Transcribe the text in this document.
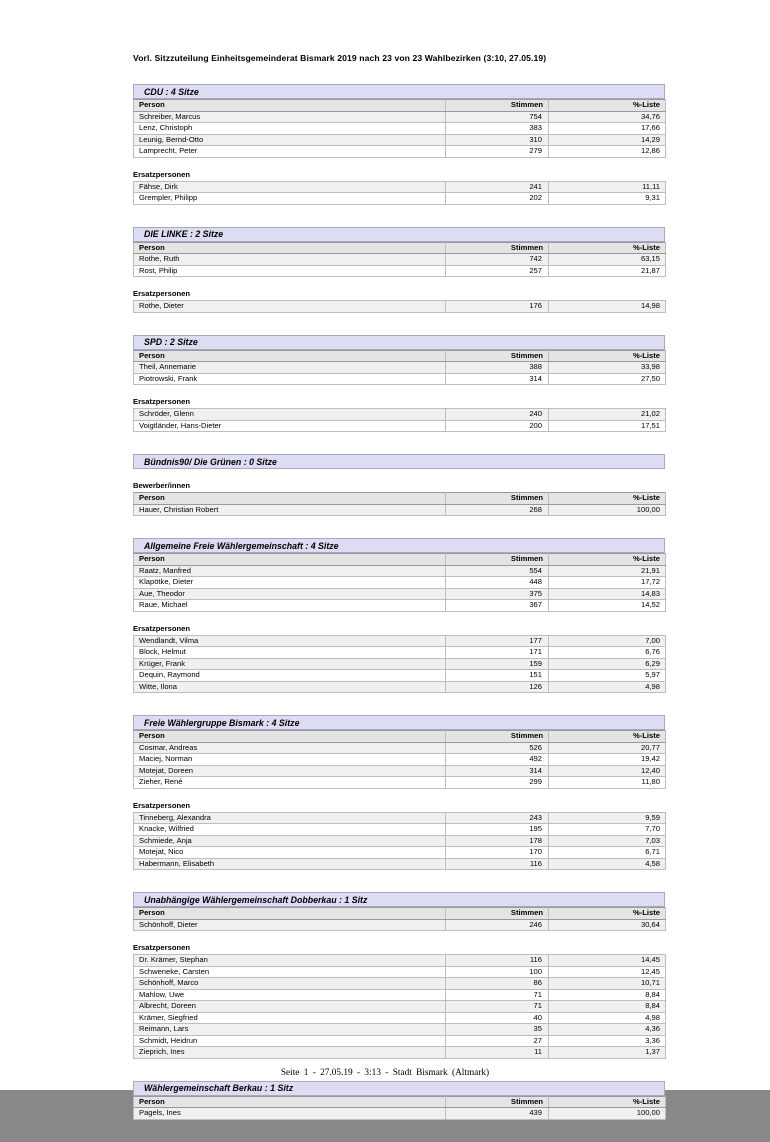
Vorl. Sitzzuteilung Einheitsgemeinderat Bismark 2019 nach 23 von 23 Wahlbezirken (3:10, 27.05.19)
CDU : 4 Sitze
Person	Stimmen	%-Liste
Schreiber, Marcus	754	34,76
Lenz, Christoph	383	17,66
Leunig, Bernd-Otto	310	14,29
Lamprecht, Peter	279	12,86
Ersatzpersonen
Fähse, Dirk	241	11,11
Grempler, Philipp	202	9,31
DIE LINKE : 2 Sitze
Person	Stimmen	%-Liste
Rothe, Ruth	742	63,15
Rost, Philip	257	21,87
Ersatzpersonen
Rothe, Dieter	176	14,98
SPD : 2 Sitze
Person	Stimmen	%-Liste
Theil, Annemarie	388	33,98
Piotrowski, Frank	314	27,50
Ersatzpersonen
Schröder, Glenn	240	21,02
Voigtländer, Hans-Dieter	200	17,51
Bündnis90/ Die Grünen : 0 Sitze
Bewerber/innen
Person	Stimmen	%-Liste
Hauer, Christian Robert	268	100,00
Allgemeine Freie Wählergemeinschaft : 4 Sitze
Person	Stimmen	%-Liste
Raatz, Manfred	554	21,91
Klapötke, Dieter	448	17,72
Aue, Theodor	375	14,83
Raue, Michael	367	14,52
Ersatzpersonen
Wendlandt, Vilma	177	7,00
Block, Helmut	171	6,76
Krüger, Frank	159	6,29
Dequin, Raymond	151	5,97
Witte, Ilona	126	4,98
Freie Wählergruppe Bismark : 4 Sitze
Person	Stimmen	%-Liste
Cosmar, Andreas	526	20,77
Maciej, Norman	492	19,42
Motejat, Doreen	314	12,40
Zieher, René	299	11,80
Ersatzpersonen
Tinneberg, Alexandra	243	9,59
Knacke, Wilfried	195	7,70
Schmiede, Anja	178	7,03
Motejat, Nico	170	6,71
Habermann, Elisabeth	116	4,58
Unabhängige Wählergemeinschaft Dobberkau : 1 Sitz
Person	Stimmen	%-Liste
Schönhoff, Dieter	246	30,64
Ersatzpersonen
Dr. Krämer, Stephan	116	14,45
Schweneke, Carsten	100	12,45
Schönhoff, Marco	86	10,71
Mahlow, Uwe	71	8,84
Albrecht, Doreen	71	8,84
Krämer, Siegfried	40	4,98
Reimann, Lars	35	4,36
Schmidt, Heidrun	27	3,36
Zieprich, Ines	11	1,37
Wählergemeinschaft Berkau : 1 Sitz
Person	Stimmen	%-Liste
Pagels, Ines	439	100,00
Seite 1 - 27.05.19 - 3:13 - Stadt Bismark (Altmark)
